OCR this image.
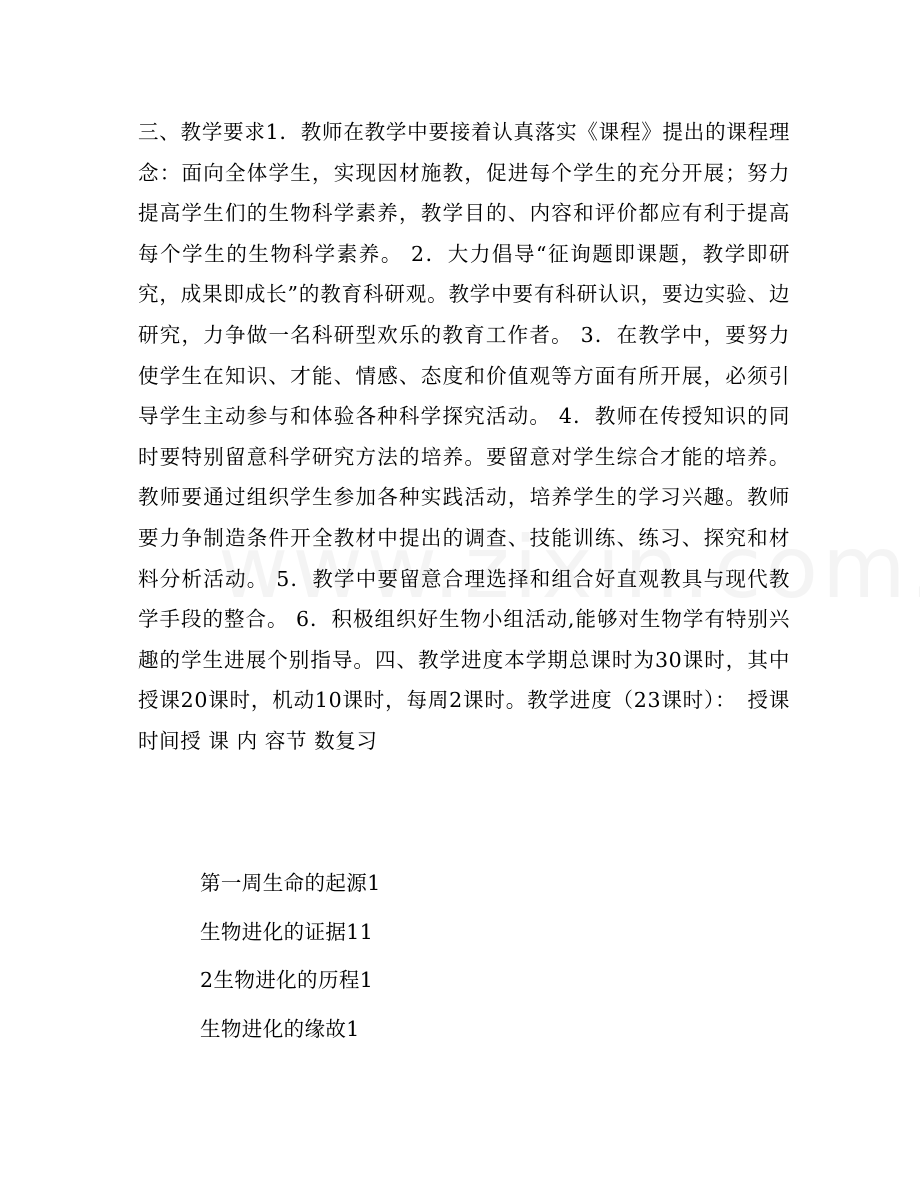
三、教学要求1．教师在教学中要接着认真落实《课程》提出的课程理念：面向全体学生，实现因材施教，促进每个学生的充分开展；努力提高学生们的生物科学素养，教学目的、内容和评价都应有利于提高每个学生的生物科学素养。 2．大力倡导“征询题即课题，教学即研究，成果即成长”的教育科研观。教学中要有科研认识，要边实验、边研究，力争做一名科研型欢乐的教育工作者。 3．在教学中，要努力使学生在知识、才能、情感、态度和价值观等方面有所开展，必须引导学生主动参与和体验各种科学探究活动。 4．教师在传授知识的同时要特别留意科学研究方法的培养。要留意对学生综合才能的培养。教师要通过组织学生参加各种实践活动，培养学生的学习兴趣。教师要力争制造条件开全教材中提出的调查、技能训练、练习、探究和材料分析活动。 5．教学中要留意合理选择和组合好直观教具与现代教学手段的整合。 6．积极组织好生物小组活动,能够对生物学有特别兴趣的学生进展个别指导。四、教学进度本学期总课时为30课时，其中授课20课时，机动10课时，每周2课时。教学进度（23课时）：　授课时间授 课 内 容节 数复习
第一周生命的起源1
生物进化的证据11
2生物进化的历程1
生物进化的缘故1
